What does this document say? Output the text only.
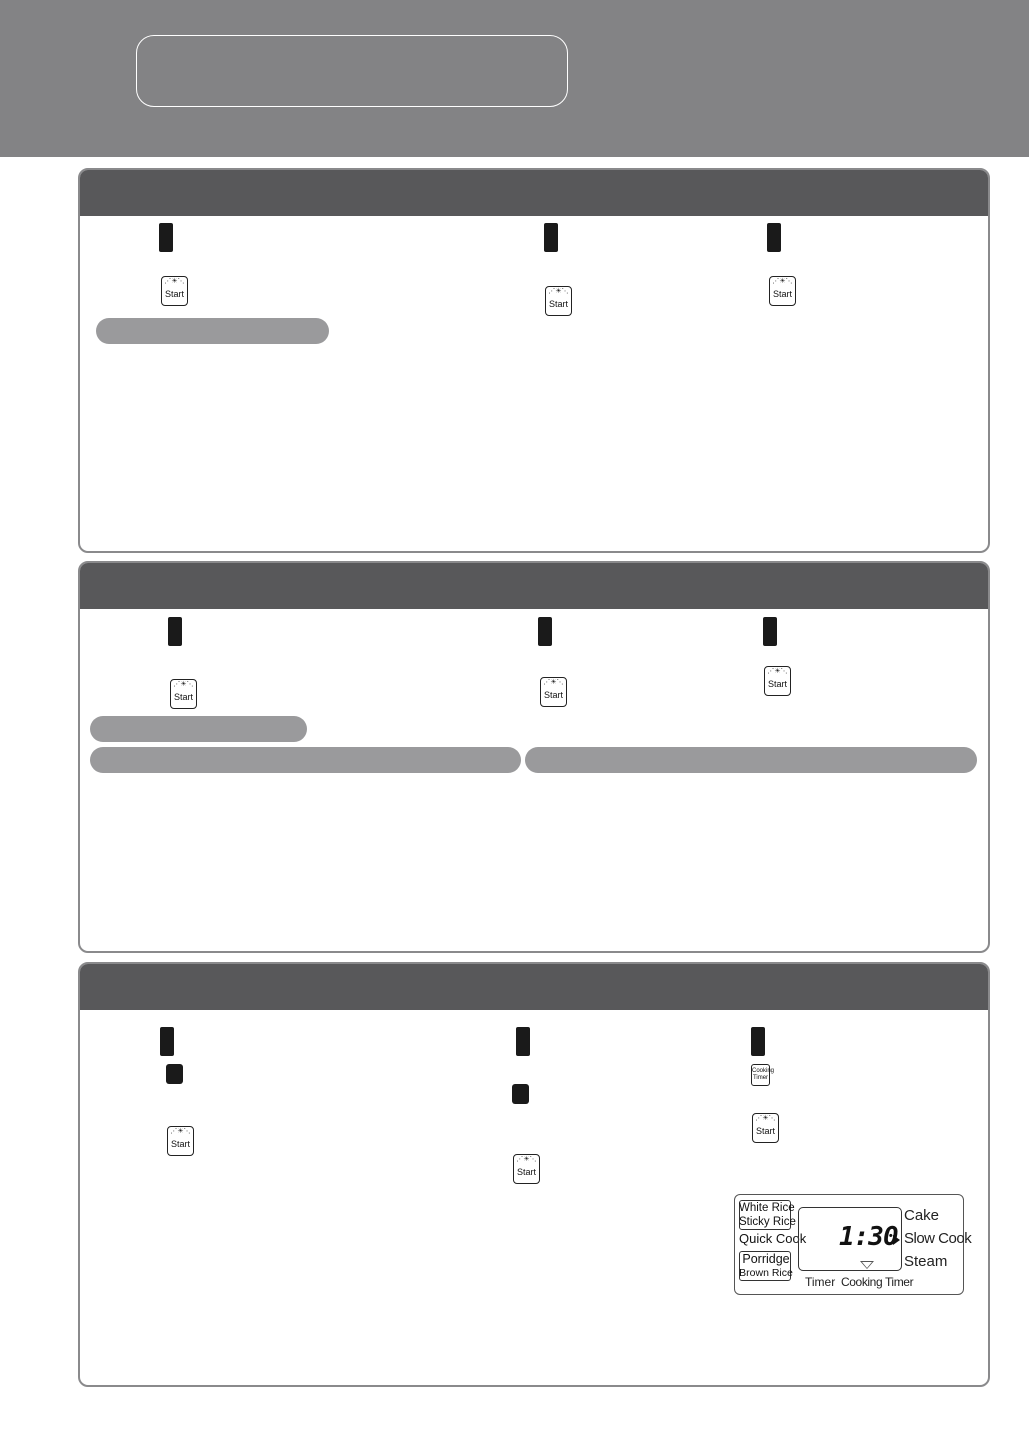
⋰☀⋱
Start	⋰☀⋱
Start
⋰☀⋱
Start
⋰☀⋱
Start
⋰☀⋱
Start
⋰☀⋱
Start
⋰☀⋱
Start
⋰☀⋱
Start
Cooking
Timer
⋰☀⋱
Start
White Rice
Sticky Rice
Quick Cook
Porridge
Brown Rice
1:30
Cake
Slow Cook
Steam
Timer Cooking Timer
